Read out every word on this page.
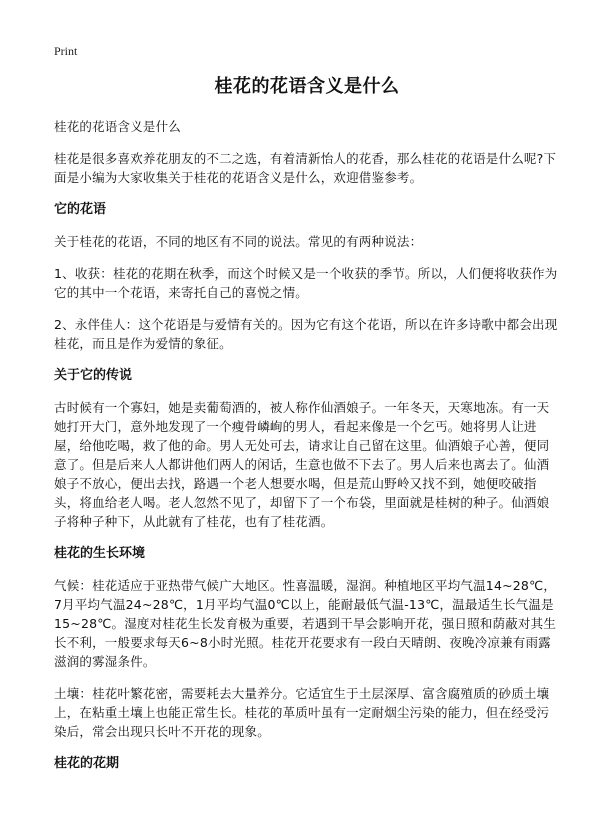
Print
桂花的花语含义是什么

桂花的花语含义是什么

桂花是很多喜欢养花朋友的不二之选，有着清新怡人的花香，那么桂花的花语是什么呢?下面是小编为大家收集关于桂花的花语含义是什么，欢迎借鉴参考。

它的花语

关于桂花的花语，不同的地区有不同的说法。常见的有两种说法：

1、收获：桂花的花期在秋季，而这个时候又是一个收获的季节。所以，人们便将收获作为它的其中一个花语，来寄托自己的喜悦之情。

2、永伴佳人：这个花语是与爱情有关的。因为它有这个花语，所以在许多诗歌中都会出现桂花，而且是作为爱情的象征。

关于它的传说

古时候有一个寡妇，她是卖葡萄酒的，被人称作仙酒娘子。一年冬天，天寒地冻。有一天她打开大门，意外地发现了一个瘦骨嶙峋的男人，看起来像是一个乞丐。她将男人让进屋，给他吃喝，救了他的命。男人无处可去，请求让自己留在这里。仙酒娘子心善，便同意了。但是后来人人都讲他们两人的闲话，生意也做不下去了。男人后来也离去了。仙酒娘子不放心，便出去找，路遇一个老人想要水喝，但是荒山野岭又找不到，她便咬破指头，将血给老人喝。老人忽然不见了，却留下了一个布袋，里面就是桂树的种子。仙酒娘子将种子种下，从此就有了桂花，也有了桂花酒。

桂花的生长环境

气候：桂花适应于亚热带气候广大地区。性喜温暖，湿润。种植地区平均气温14~28℃，7月平均气温24~28℃，1月平均气温0℃以上，能耐最低气温-13℃，温最适生长气温是15~28℃。湿度对桂花生长发育极为重要，若遇到干旱会影响开花，强日照和荫蔽对其生长不利，一般要求每天6~8小时光照。桂花开花要求有一段白天晴朗、夜晚冷凉兼有雨露滋润的雾湿条件。

土壤：桂花叶繁花密，需要耗去大量养分。它适宜生于土层深厚、富含腐殖质的砂质土壤上，在粘重土壤上也能正常生长。桂花的革质叶虽有一定耐烟尘污染的能力，但在经受污染后，常会出现只长叶不开花的现象。

桂花的花期
